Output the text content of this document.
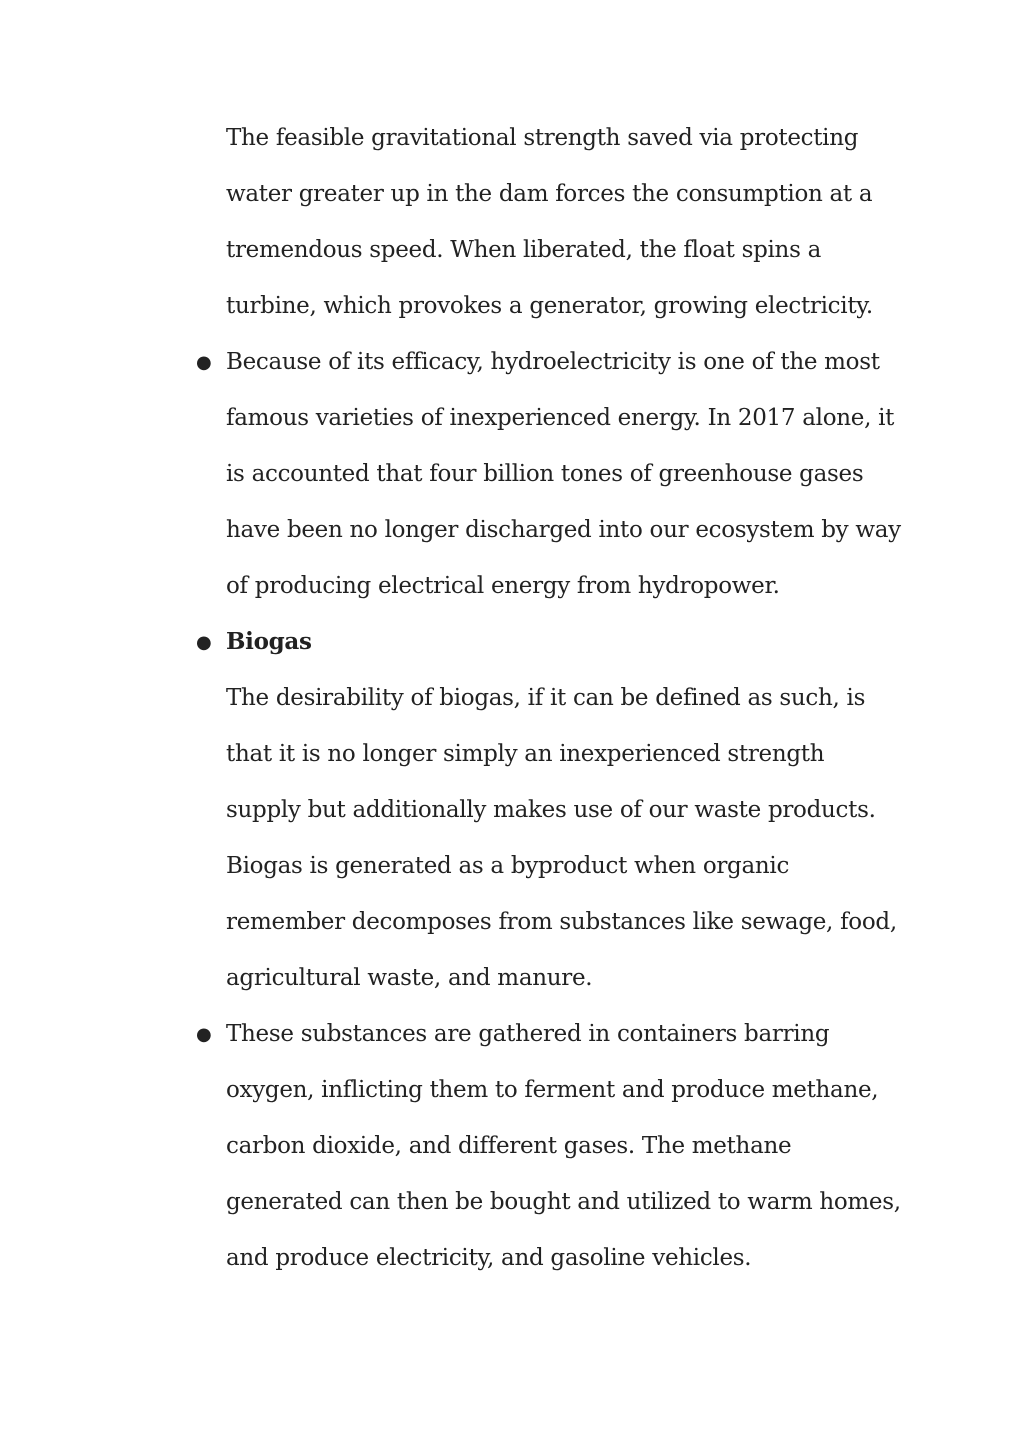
The feasible gravitational strength saved via protecting
water greater up in the dam forces the consumption at a
tremendous speed. When liberated, the float spins a
turbine, which provokes a generator, growing electricity.
● Because of its efficacy, hydroelectricity is one of the most
famous varieties of inexperienced energy. In 2017 alone, it
is accounted that four billion tones of greenhouse gases
have been no longer discharged into our ecosystem by way
of producing electrical energy from hydropower.
● Biogas
The desirability of biogas, if it can be defined as such, is
that it is no longer simply an inexperienced strength
supply but additionally makes use of our waste products.
Biogas is generated as a byproduct when organic
remember decomposes from substances like sewage, food,
agricultural waste, and manure.
● These substances are gathered in containers barring
oxygen, inflicting them to ferment and produce methane,
carbon dioxide, and different gases. The methane
generated can then be bought and utilized to warm homes,
and produce electricity, and gasoline vehicles.
